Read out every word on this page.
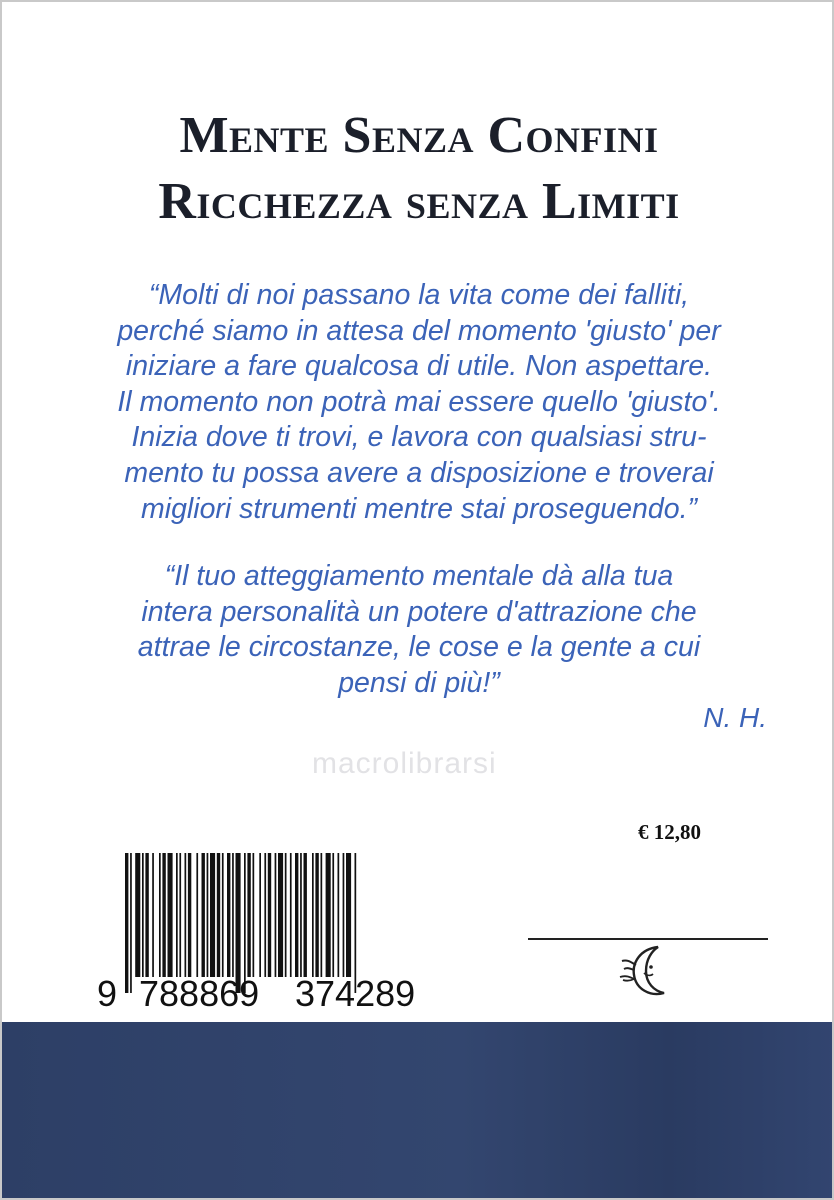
Mente Senza Confini
Ricchezza senza Limiti
“Molti di noi passano la vita come dei falliti,
perché siamo in attesa del momento 'giusto' per
iniziare a fare qualcosa di utile. Non aspettare.
Il momento non potrà mai essere quello 'giusto'.
Inizia dove ti trovi, e lavora con qualsiasi stru-
mento tu possa avere a disposizione e troverai
migliori strumenti mentre stai proseguendo.”
“Il tuo atteggiamento mentale dà alla tua
intera personalità un potere d'attrazione che
attrae le circostanze, le cose e la gente a cui
pensi di più!”
N. H.
macrolibrarsi
€ 12,80
9 788869 374289
